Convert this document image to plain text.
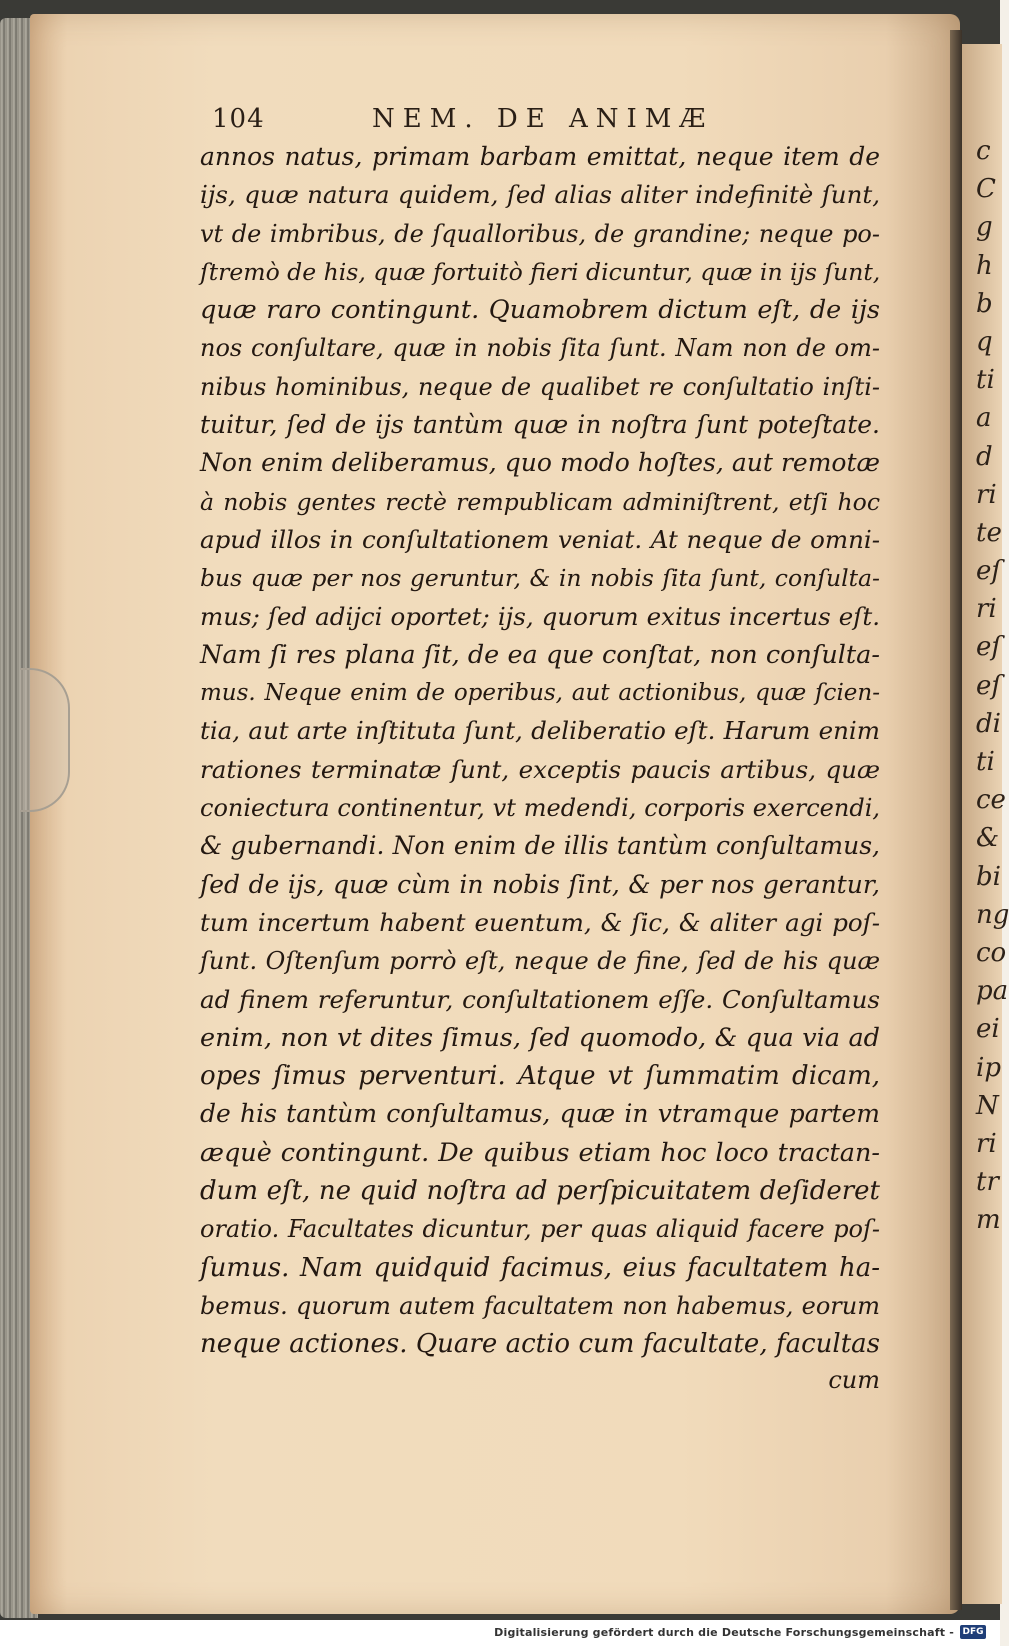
c
C
g
h
b
q
ti
a
d
ri
te
eſ
ri
eſ
eſ
di
ti
ce
&
bi
ng
co
pa
ei
ip
N
ri
tr
m
104	NEM. DE ANIMÆ
annos natus, primam barbam emittat, neque item de
ijs, quæ natura quidem, ſed alias aliter indefinitè ſunt,
vt de imbribus, de ſqualloribus, de grandine; neque po-
ſtremò de his, quæ fortuitò fieri dicuntur, quæ in ijs ſunt,
quæ raro contingunt. Quamobrem dictum eſt, de ijs
nos conſultare, quæ in nobis ſita ſunt. Nam non de om-
nibus hominibus, neque de qualibet re conſultatio inſti-
tuitur, ſed de ijs tantùm quæ in noſtra ſunt poteſtate.
Non enim deliberamus, quo modo hoſtes, aut remotæ
à nobis gentes rectè rempublicam adminiſtrent, etſi hoc
apud illos in conſultationem veniat. At neque de omni-
bus quæ per nos geruntur, & in nobis ſita ſunt, conſulta-
mus; ſed adijci oportet; ijs, quorum exitus incertus eſt.
Nam ſi res plana ſit, de ea que conſtat, non conſulta-
mus. Neque enim de operibus, aut actionibus, quæ ſcien-
tia, aut arte inſtituta ſunt, deliberatio eſt. Harum enim
rationes terminatæ ſunt, exceptis paucis artibus, quæ
coniectura continentur, vt medendi, corporis exercendi,
& gubernandi. Non enim de illis tantùm conſultamus,
ſed de ijs, quæ cùm in nobis ſint, & per nos gerantur,
tum incertum habent euentum, & ſic, & aliter agi poſ-
ſunt. Oſtenſum porrò eſt, neque de fine, ſed de his quæ
ad finem referuntur, conſultationem eſſe. Conſultamus
enim, non vt dites ſimus, ſed quomodo, & qua via ad
opes ſimus perventuri. Atque vt ſummatim dicam,
de his tantùm conſultamus, quæ in vtramque partem
æquè contingunt. De quibus etiam hoc loco tractan-
dum eſt, ne quid noſtra ad perſpicuitatem deſideret
oratio. Facultates dicuntur, per quas aliquid facere poſ-
ſumus. Nam quidquid facimus, eius facultatem ha-
bemus. quorum autem facultatem non habemus, eorum
neque actiones. Quare actio cum facultate, facultas
cum
Digitalisierung gefördert durch die Deutsche Forschungsgemeinschaft - DFG
